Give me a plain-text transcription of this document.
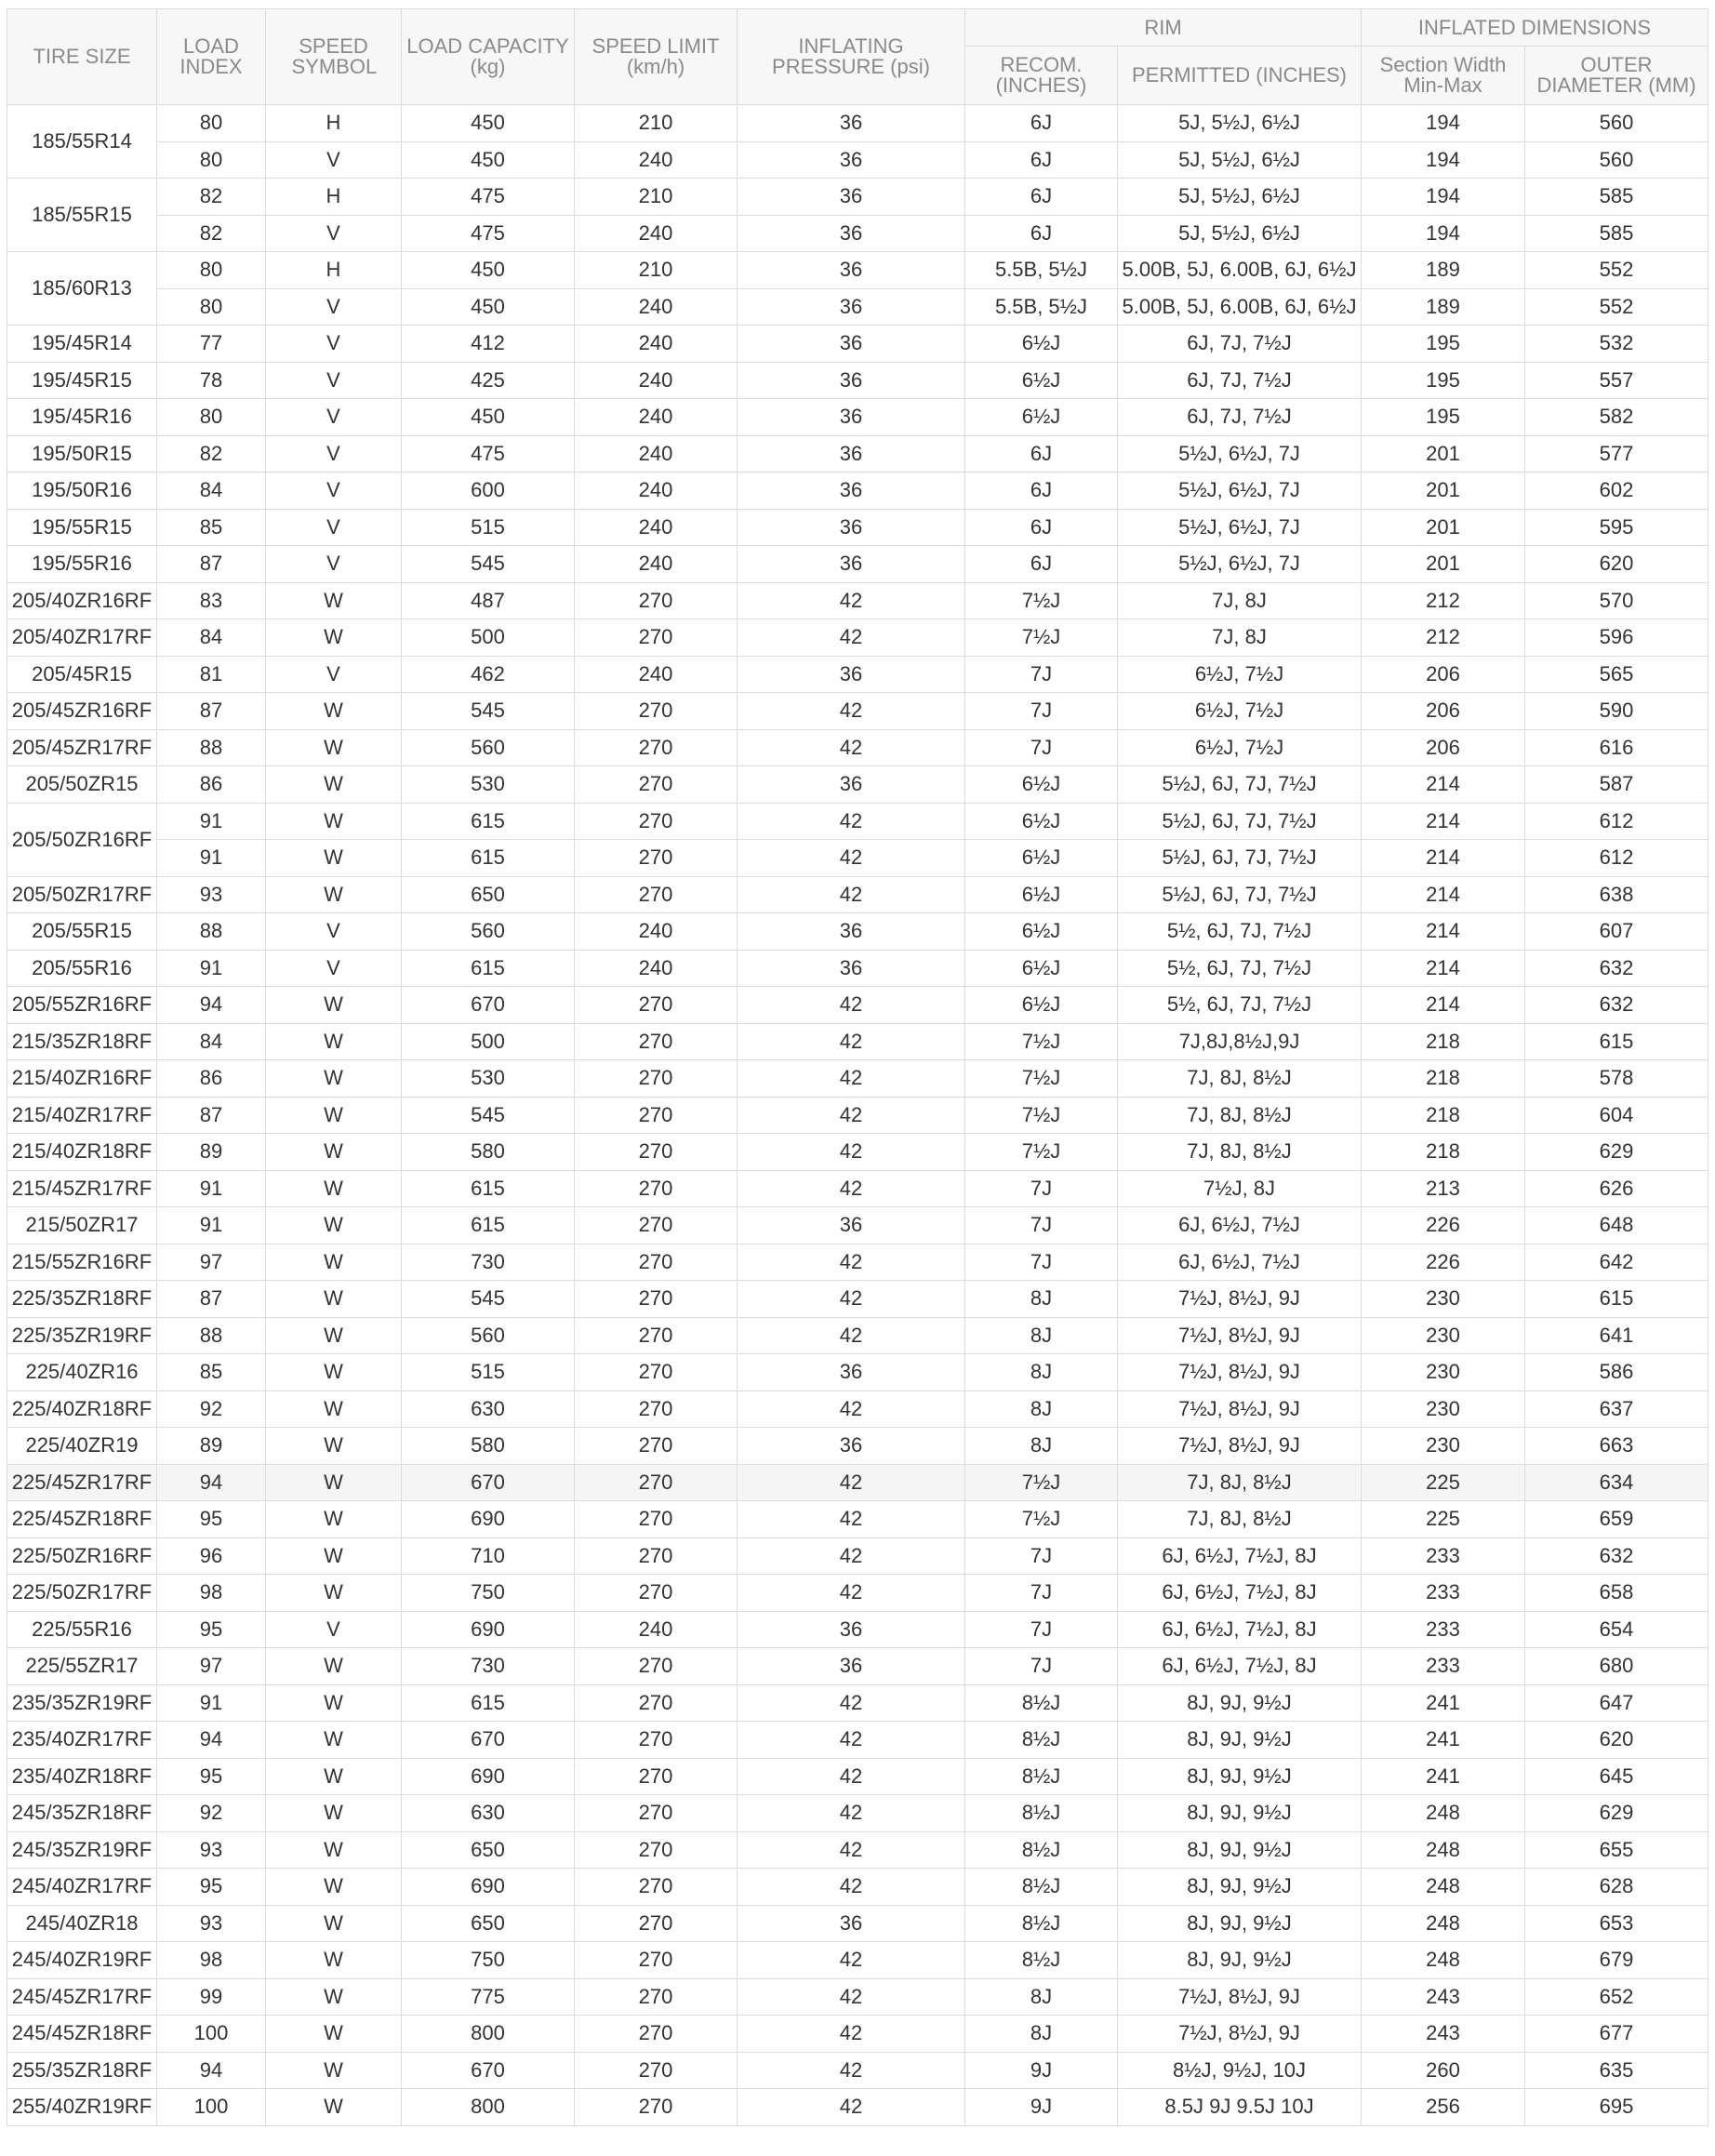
TIRE SIZE	LOAD INDEX	SPEED SYMBOL	LOAD CAPACITY (kg)	SPEED LIMIT (km/h)	INFLATING PRESSURE (psi)	RIM		INFLATED DIMENSIONS	

						RECOM. (INCHES)	PERMITTED (INCHES)	Section Width Min-Max	OUTER DIAMETER (MM)

185/55R14	80	H	450	210	36	6J	5J, 5½J, 6½J	194	560
	80	V	450	240	36	6J	5J, 5½J, 6½J	194	560
185/55R15	82	H	475	210	36	6J	5J, 5½J, 6½J	194	585
	82	V	475	240	36	6J	5J, 5½J, 6½J	194	585
185/60R13	80	H	450	210	36	5.5B, 5½J	5.00B, 5J, 6.00B, 6J, 6½J	189	552
	80	V	450	240	36	5.5B, 5½J	5.00B, 5J, 6.00B, 6J, 6½J	189	552
195/45R14	77	V	412	240	36	6½J	6J, 7J, 7½J	195	532
195/45R15	78	V	425	240	36	6½J	6J, 7J, 7½J	195	557
195/45R16	80	V	450	240	36	6½J	6J, 7J, 7½J	195	582
195/50R15	82	V	475	240	36	6J	5½J, 6½J, 7J	201	577
195/50R16	84	V	600	240	36	6J	5½J, 6½J, 7J	201	602
195/55R15	85	V	515	240	36	6J	5½J, 6½J, 7J	201	595
195/55R16	87	V	545	240	36	6J	5½J, 6½J, 7J	201	620
205/40ZR16RF	83	W	487	270	42	7½J	7J, 8J	212	570
205/40ZR17RF	84	W	500	270	42	7½J	7J, 8J	212	596
205/45R15	81	V	462	240	36	7J	6½J, 7½J	206	565
205/45ZR16RF	87	W	545	270	42	7J	6½J, 7½J	206	590
205/45ZR17RF	88	W	560	270	42	7J	6½J, 7½J	206	616
205/50ZR15	86	W	530	270	36	6½J	5½J, 6J, 7J, 7½J	214	587
205/50ZR16RF	91	W	615	270	42	6½J	5½J, 6J, 7J, 7½J	214	612
	91	W	615	270	42	6½J	5½J, 6J, 7J, 7½J	214	612
205/50ZR17RF	93	W	650	270	42	6½J	5½J, 6J, 7J, 7½J	214	638
205/55R15	88	V	560	240	36	6½J	5½, 6J, 7J, 7½J	214	607
205/55R16	91	V	615	240	36	6½J	5½, 6J, 7J, 7½J	214	632
205/55ZR16RF	94	W	670	270	42	6½J	5½, 6J, 7J, 7½J	214	632
215/35ZR18RF	84	W	500	270	42	7½J	7J,8J,8½J,9J	218	615
215/40ZR16RF	86	W	530	270	42	7½J	7J, 8J, 8½J	218	578
215/40ZR17RF	87	W	545	270	42	7½J	7J, 8J, 8½J	218	604
215/40ZR18RF	89	W	580	270	42	7½J	7J, 8J, 8½J	218	629
215/45ZR17RF	91	W	615	270	42	7J	7½J, 8J	213	626
215/50ZR17	91	W	615	270	36	7J	6J, 6½J, 7½J	226	648
215/55ZR16RF	97	W	730	270	42	7J	6J, 6½J, 7½J	226	642
225/35ZR18RF	87	W	545	270	42	8J	7½J, 8½J, 9J	230	615
225/35ZR19RF	88	W	560	270	42	8J	7½J, 8½J, 9J	230	641
225/40ZR16	85	W	515	270	36	8J	7½J, 8½J, 9J	230	586
225/40ZR18RF	92	W	630	270	42	8J	7½J, 8½J, 9J	230	637
225/40ZR19	89	W	580	270	36	8J	7½J, 8½J, 9J	230	663
225/45ZR17RF	94	W	670	270	42	7½J	7J, 8J, 8½J	225	634
225/45ZR18RF	95	W	690	270	42	7½J	7J, 8J, 8½J	225	659
225/50ZR16RF	96	W	710	270	42	7J	6J, 6½J, 7½J, 8J	233	632
225/50ZR17RF	98	W	750	270	42	7J	6J, 6½J, 7½J, 8J	233	658
225/55R16	95	V	690	240	36	7J	6J, 6½J, 7½J, 8J	233	654
225/55ZR17	97	W	730	270	36	7J	6J, 6½J, 7½J, 8J	233	680
235/35ZR19RF	91	W	615	270	42	8½J	8J, 9J, 9½J	241	647
235/40ZR17RF	94	W	670	270	42	8½J	8J, 9J, 9½J	241	620
235/40ZR18RF	95	W	690	270	42	8½J	8J, 9J, 9½J	241	645
245/35ZR18RF	92	W	630	270	42	8½J	8J, 9J, 9½J	248	629
245/35ZR19RF	93	W	650	270	42	8½J	8J, 9J, 9½J	248	655
245/40ZR17RF	95	W	690	270	42	8½J	8J, 9J, 9½J	248	628
245/40ZR18	93	W	650	270	36	8½J	8J, 9J, 9½J	248	653
245/40ZR19RF	98	W	750	270	42	8½J	8J, 9J, 9½J	248	679
245/45ZR17RF	99	W	775	270	42	8J	7½J, 8½J, 9J	243	652
245/45ZR18RF	100	W	800	270	42	8J	7½J, 8½J, 9J	243	677
255/35ZR18RF	94	W	670	270	42	9J	8½J, 9½J, 10J	260	635
255/40ZR19RF	100	W	800	270	42	9J	8.5J 9J 9.5J 10J	256	695
